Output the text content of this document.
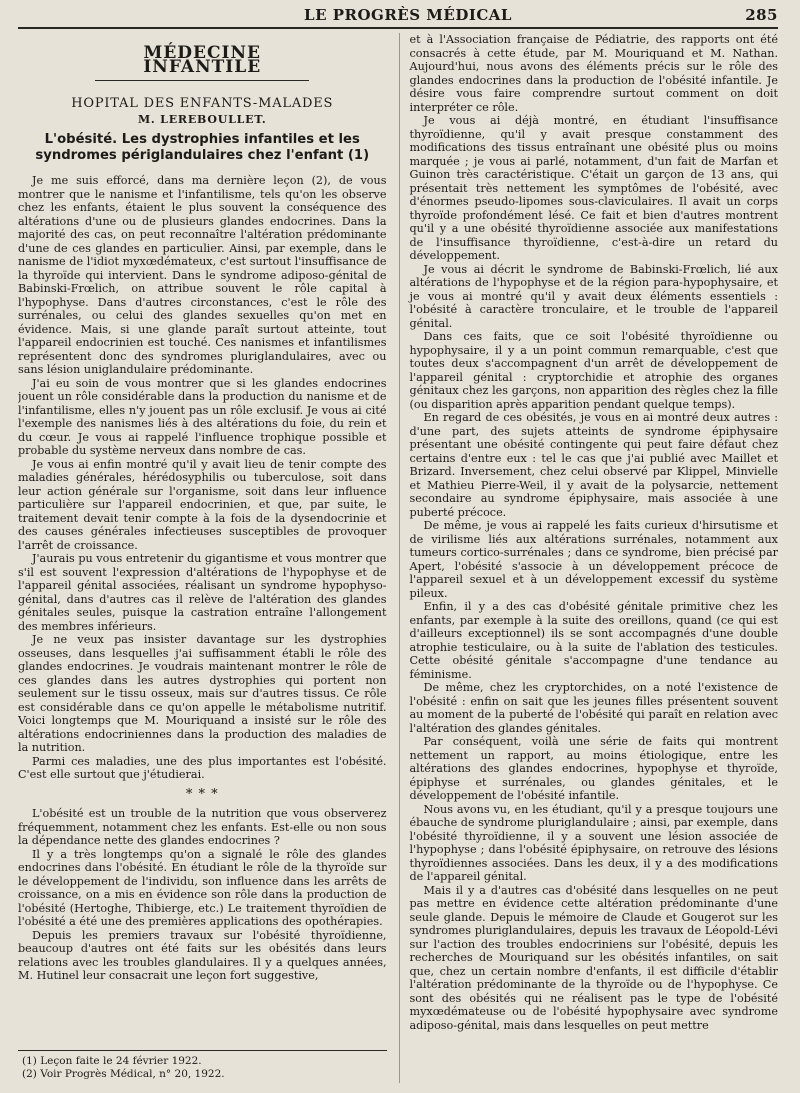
LE PROGRÈS MÉDICAL	285
MÉDECINE INFANTILE
HOPITAL DES ENFANTS-MALADES
M. LEREBOULLET.
L'obésité. Les dystrophies infantiles et les syndromes périglandulaires chez l'enfant (1)

Je me suis efforcé, dans ma dernière leçon (2), de vous montrer que le nanisme et l'infantilisme, tels qu'on les observe chez les enfants, étaient le plus souvent la conséquence des altérations d'une ou de plusieurs glandes endocrines. Dans la majorité des cas, on peut reconnaître l'altération prédominante d'une de ces glandes en particulier. Ainsi, par exemple, dans le nanisme de l'idiot myxœdémateux, c'est surtout l'insuffisance de la thyroïde qui intervient. Dans le syndrome adiposo-génital de Babinski-Frœlich, on attribue souvent le rôle capital à l'hypophyse. Dans d'autres circonstances, c'est le rôle des surrénales, ou celui des glandes sexuelles qu'on met en évidence. Mais, si une glande paraît surtout atteinte, tout l'appareil endocrinien est touché. Ces nanismes et infantilismes représentent donc des syndromes pluriglandulaires, avec ou sans lésion uniglandulaire prédominante.

J'ai eu soin de vous montrer que si les glandes endocrines jouent un rôle considérable dans la production du nanisme et de l'infantilisme, elles n'y jouent pas un rôle exclusif. Je vous ai cité l'exemple des nanismes liés à des altérations du foie, du rein et du cœur. Je vous ai rappelé l'influence trophique possible et probable du système nerveux dans nombre de cas.

Je vous ai enfin montré qu'il y avait lieu de tenir compte des maladies générales, hérédosyphilis ou tuberculose, soit dans leur action générale sur l'organisme, soit dans leur influence particulière sur l'appareil endocrinien, et que, par suite, le traitement devait tenir compte à la fois de la dysendocrinie et des causes générales infectieuses susceptibles de provoquer l'arrêt de croissance.

J'aurais pu vous entretenir du gigantisme et vous montrer que s'il est souvent l'expression d'altérations de l'hypophyse et de l'appareil génital associées, réalisant un syndrome hypophyso-génital, dans d'autres cas il relève de l'altération des glandes génitales seules, puisque la castration entraîne l'allongement des membres inférieurs.

Je ne veux pas insister davantage sur les dystrophies osseuses, dans lesquelles j'ai suffisamment établi le rôle des glandes endocrines. Je voudrais maintenant montrer le rôle de ces glandes dans les autres dystrophies qui portent non seulement sur le tissu osseux, mais sur d'autres tissus. Ce rôle est considérable dans ce qu'on appelle le métabolisme nutritif. Voici longtemps que M. Mouriquand a insisté sur le rôle des altérations endocriniennes dans la production des maladies de la nutrition.

Parmi ces maladies, une des plus importantes est l'obésité. C'est elle surtout que j'étudierai.

* * *

L'obésité est un trouble de la nutrition que vous observerez fréquemment, notamment chez les enfants. Est-elle ou non sous la dépendance nette des glandes endocrines ?

Il y a très longtemps qu'on a signalé le rôle des glandes endocrines dans l'obésité. En étudiant le rôle de la thyroïde sur le développement de l'individu, son influence dans les arrêts de croissance, on a mis en évidence son rôle dans la production de l'obésité (Hertoghe, Thibierge, etc.) Le traitement thyroïdien de l'obésité a été une des premières applications des opothérapies.

Depuis les premiers travaux sur l'obésité thyroïdienne, beaucoup d'autres ont été faits sur les obésités dans leurs relations avec les troubles glandulaires. Il y a quelques années, M. Hutinel leur consacrait une leçon fort suggestive,

(1) Leçon faite le 24 février 1922.
(2) Voir Progrès Médical, n° 20, 1922.

et à l'Association française de Pédiatrie, des rapports ont été consacrés à cette étude, par M. Mouriquand et M. Nathan. Aujourd'hui, nous avons des éléments précis sur le rôle des glandes endocrines dans la production de l'obésité infantile. Je désire vous faire comprendre surtout comment on doit interpréter ce rôle.

Je vous ai déjà montré, en étudiant l'insuffisance thyroïdienne, qu'il y avait presque constamment des modifications des tissus entraînant une obésité plus ou moins marquée ; je vous ai parlé, notamment, d'un fait de Marfan et Guinon très caractéristique. C'était un garçon de 13 ans, qui présentait très nettement les symptômes de l'obésité, avec d'énormes pseudo-lipomes sous-claviculaires. Il avait un corps thyroïde profondément lésé. Ce fait et bien d'autres montrent qu'il y a une obésité thyroïdienne associée aux manifestations de l'insuffisance thyroïdienne, c'est-à-dire un retard du développement.

Je vous ai décrit le syndrome de Babinski-Frœlich, lié aux altérations de l'hypophyse et de la région para-hypophysaire, et je vous ai montré qu'il y avait deux éléments essentiels : l'obésité à caractère tronculaire, et le trouble de l'appareil génital.

Dans ces faits, que ce soit l'obésité thyroïdienne ou hypophysaire, il y a un point commun remarquable, c'est que toutes deux s'accompagnent d'un arrêt de développement de l'appareil génital : cryptorchidie et atrophie des organes génitaux chez les garçons, non apparition des règles chez la fille (ou disparition après apparition pendant quelque temps).

En regard de ces obésités, je vous en ai montré deux autres : d'une part, des sujets atteints de syndrome épiphysaire présentant une obésité contingente qui peut faire défaut chez certains d'entre eux : tel le cas que j'ai publié avec Maillet et Brizard. Inversement, chez celui observé par Klippel, Minvielle et Mathieu Pierre-Weil, il y avait de la polysarcie, nettement secondaire au syndrome épiphysaire, mais associée à une puberté précoce.

De même, je vous ai rappelé les faits curieux d'hirsutisme et de virilisme liés aux altérations surrénales, notamment aux tumeurs cortico-surrénales ; dans ce syndrome, bien précisé par Apert, l'obésité s'associe à un développement précoce de l'appareil sexuel et à un développement excessif du système pileux.

Enfin, il y a des cas d'obésité génitale primitive chez les enfants, par exemple à la suite des oreillons, quand (ce qui est d'ailleurs exceptionnel) ils se sont accompagnés d'une double atrophie testiculaire, ou à la suite de l'ablation des testicules. Cette obésité génitale s'accompagne d'une tendance au féminisme.

De même, chez les cryptorchides, on a noté l'existence de l'obésité : enfin on sait que les jeunes filles présentent souvent au moment de la puberté de l'obésité qui paraît en relation avec l'altération des glandes génitales.

Par conséquent, voilà une série de faits qui montrent nettement un rapport, au moins étiologique, entre les altérations des glandes endocrines, hypophyse et thyroïde, épiphyse et surrénales, ou glandes génitales, et le développement de l'obésité infantile.

Nous avons vu, en les étudiant, qu'il y a presque toujours une ébauche de syndrome pluriglandulaire ; ainsi, par exemple, dans l'obésité thyroïdienne, il y a souvent une lésion associée de l'hypophyse ; dans l'obésité épiphysaire, on retrouve des lésions thyroïdiennes associées. Dans les deux, il y a des modifications de l'appareil génital.

Mais il y a d'autres cas d'obésité dans lesquelles on ne peut pas mettre en évidence cette altération prédominante d'une seule glande. Depuis le mémoire de Claude et Gougerot sur les syndromes pluriglandulaires, depuis les travaux de Léopold-Lévi sur l'action des troubles endocriniens sur l'obésité, depuis les recherches de Mouriquand sur les obésités infantiles, on sait que, chez un certain nombre d'enfants, il est difficile d'établir l'altération prédominante de la thyroïde ou de l'hypophyse. Ce sont des obésités qui ne réalisent pas le type de l'obésité myxœdémateuse ou de l'obésité hypophysaire avec syndrome adiposo-génital, mais dans lesquelles on peut mettre
